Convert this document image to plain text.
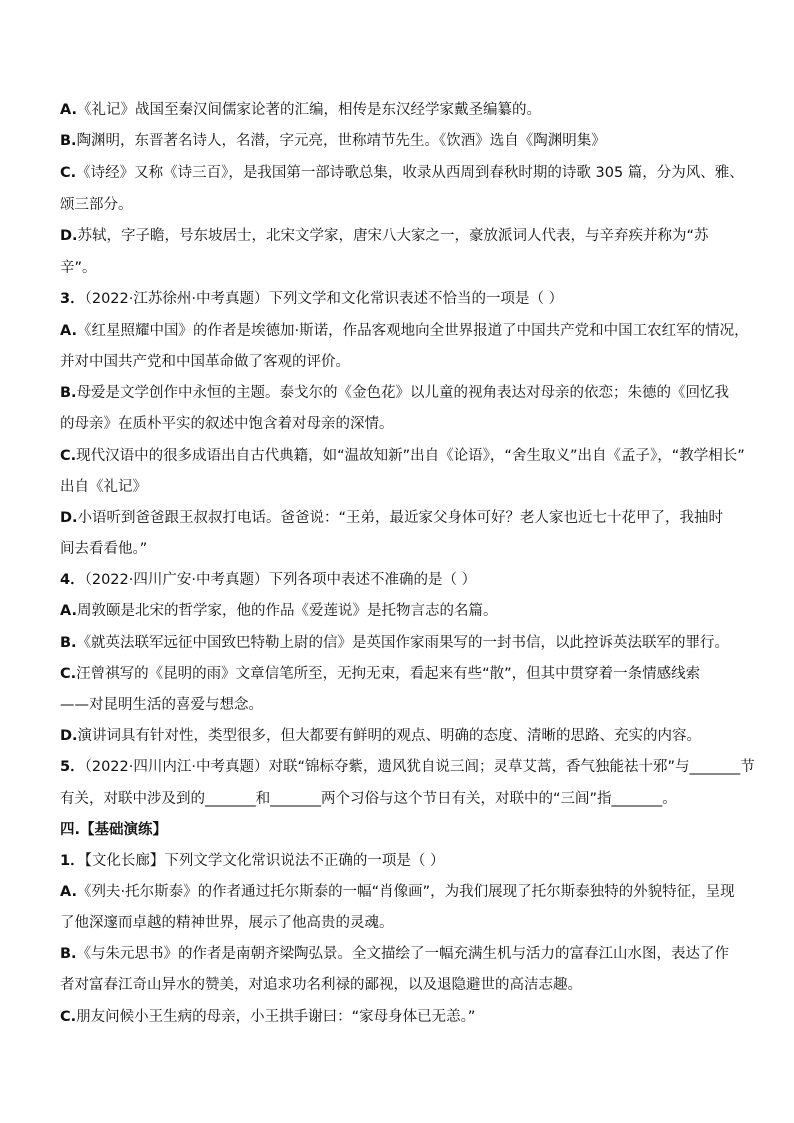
A.《礼记》战国至秦汉间儒家论著的汇编，相传是东汉经学家戴圣编纂的。

B.陶渊明，东晋著名诗人，名潜，字元亮，世称靖节先生。《饮酒》选自《陶渊明集》

C.《诗经》又称《诗三百》，是我国第一部诗歌总集，收录从西周到春秋时期的诗歌 305 篇，分为风、雅、

颂三部分。

D.苏轼，字子瞻，号东坡居士，北宋文学家，唐宋八大家之一，豪放派词人代表，与辛弃疾并称为“苏

辛”。

3．（2022·江苏徐州·中考真题）下列文学和文化常识表述不恰当的一项是（ ）

A.《红星照耀中国》的作者是埃德加·斯诺，作品客观地向全世界报道了中国共产党和中国工农红军的情况，

并对中国共产党和中国革命做了客观的评价。

B.母爱是文学创作中永恒的主题。泰戈尔的《金色花》以儿童的视角表达对母亲的依恋；朱德的《回忆我

的母亲》在质朴平实的叙述中饱含着对母亲的深情。

C.现代汉语中的很多成语出自古代典籍，如“温故知新”出自《论语》，“舍生取义”出自《孟子》，“教学相长”

出自《礼记》

D.小语听到爸爸跟王叔叔打电话。爸爸说：“王弟，最近家父身体可好？老人家也近七十花甲了，我抽时

间去看看他。”

4．（2022·四川广安·中考真题）下列各项中表述不准确的是（ ）

A.周敦颐是北宋的哲学家，他的作品《爱莲说》是托物言志的名篇。

B.《就英法联军远征中国致巴特勒上尉的信》是英国作家雨果写的一封书信，以此控诉英法联军的罪行。

C.汪曾祺写的《昆明的雨》文章信笔所至，无拘无束，看起来有些“散”，但其中贯穿着一条情感线索

——对昆明生活的喜爱与想念。

D.演讲词具有针对性，类型很多，但大都要有鲜明的观点、明确的态度、清晰的思路、充实的内容。

5．（2022·四川内江·中考真题）对联“锦标夺紫，遗风犹自说三闾；灵草艾蒿，香气独能祛十邪”与_______节

有关，对联中涉及到的_______和_______两个习俗与这个节日有关，对联中的“三闾”指_______。

四.【基础演练】

1．【文化长廊】下列文学文化常识说法不正确的一项是（ ）

A.《列夫·托尔斯泰》的作者通过托尔斯泰的一幅“肖像画”，为我们展现了托尔斯泰独特的外貌特征，呈现

了他深邃而卓越的精神世界，展示了他高贵的灵魂。

B.《与朱元思书》的作者是南朝齐梁陶弘景。全文描绘了一幅充满生机与活力的富春江山水图，表达了作

者对富春江奇山异水的赞美，对追求功名利禄的鄙视，以及退隐避世的高洁志趣。

C.朋友问候小王生病的母亲，小王拱手谢曰：“家母身体已无恙。”
